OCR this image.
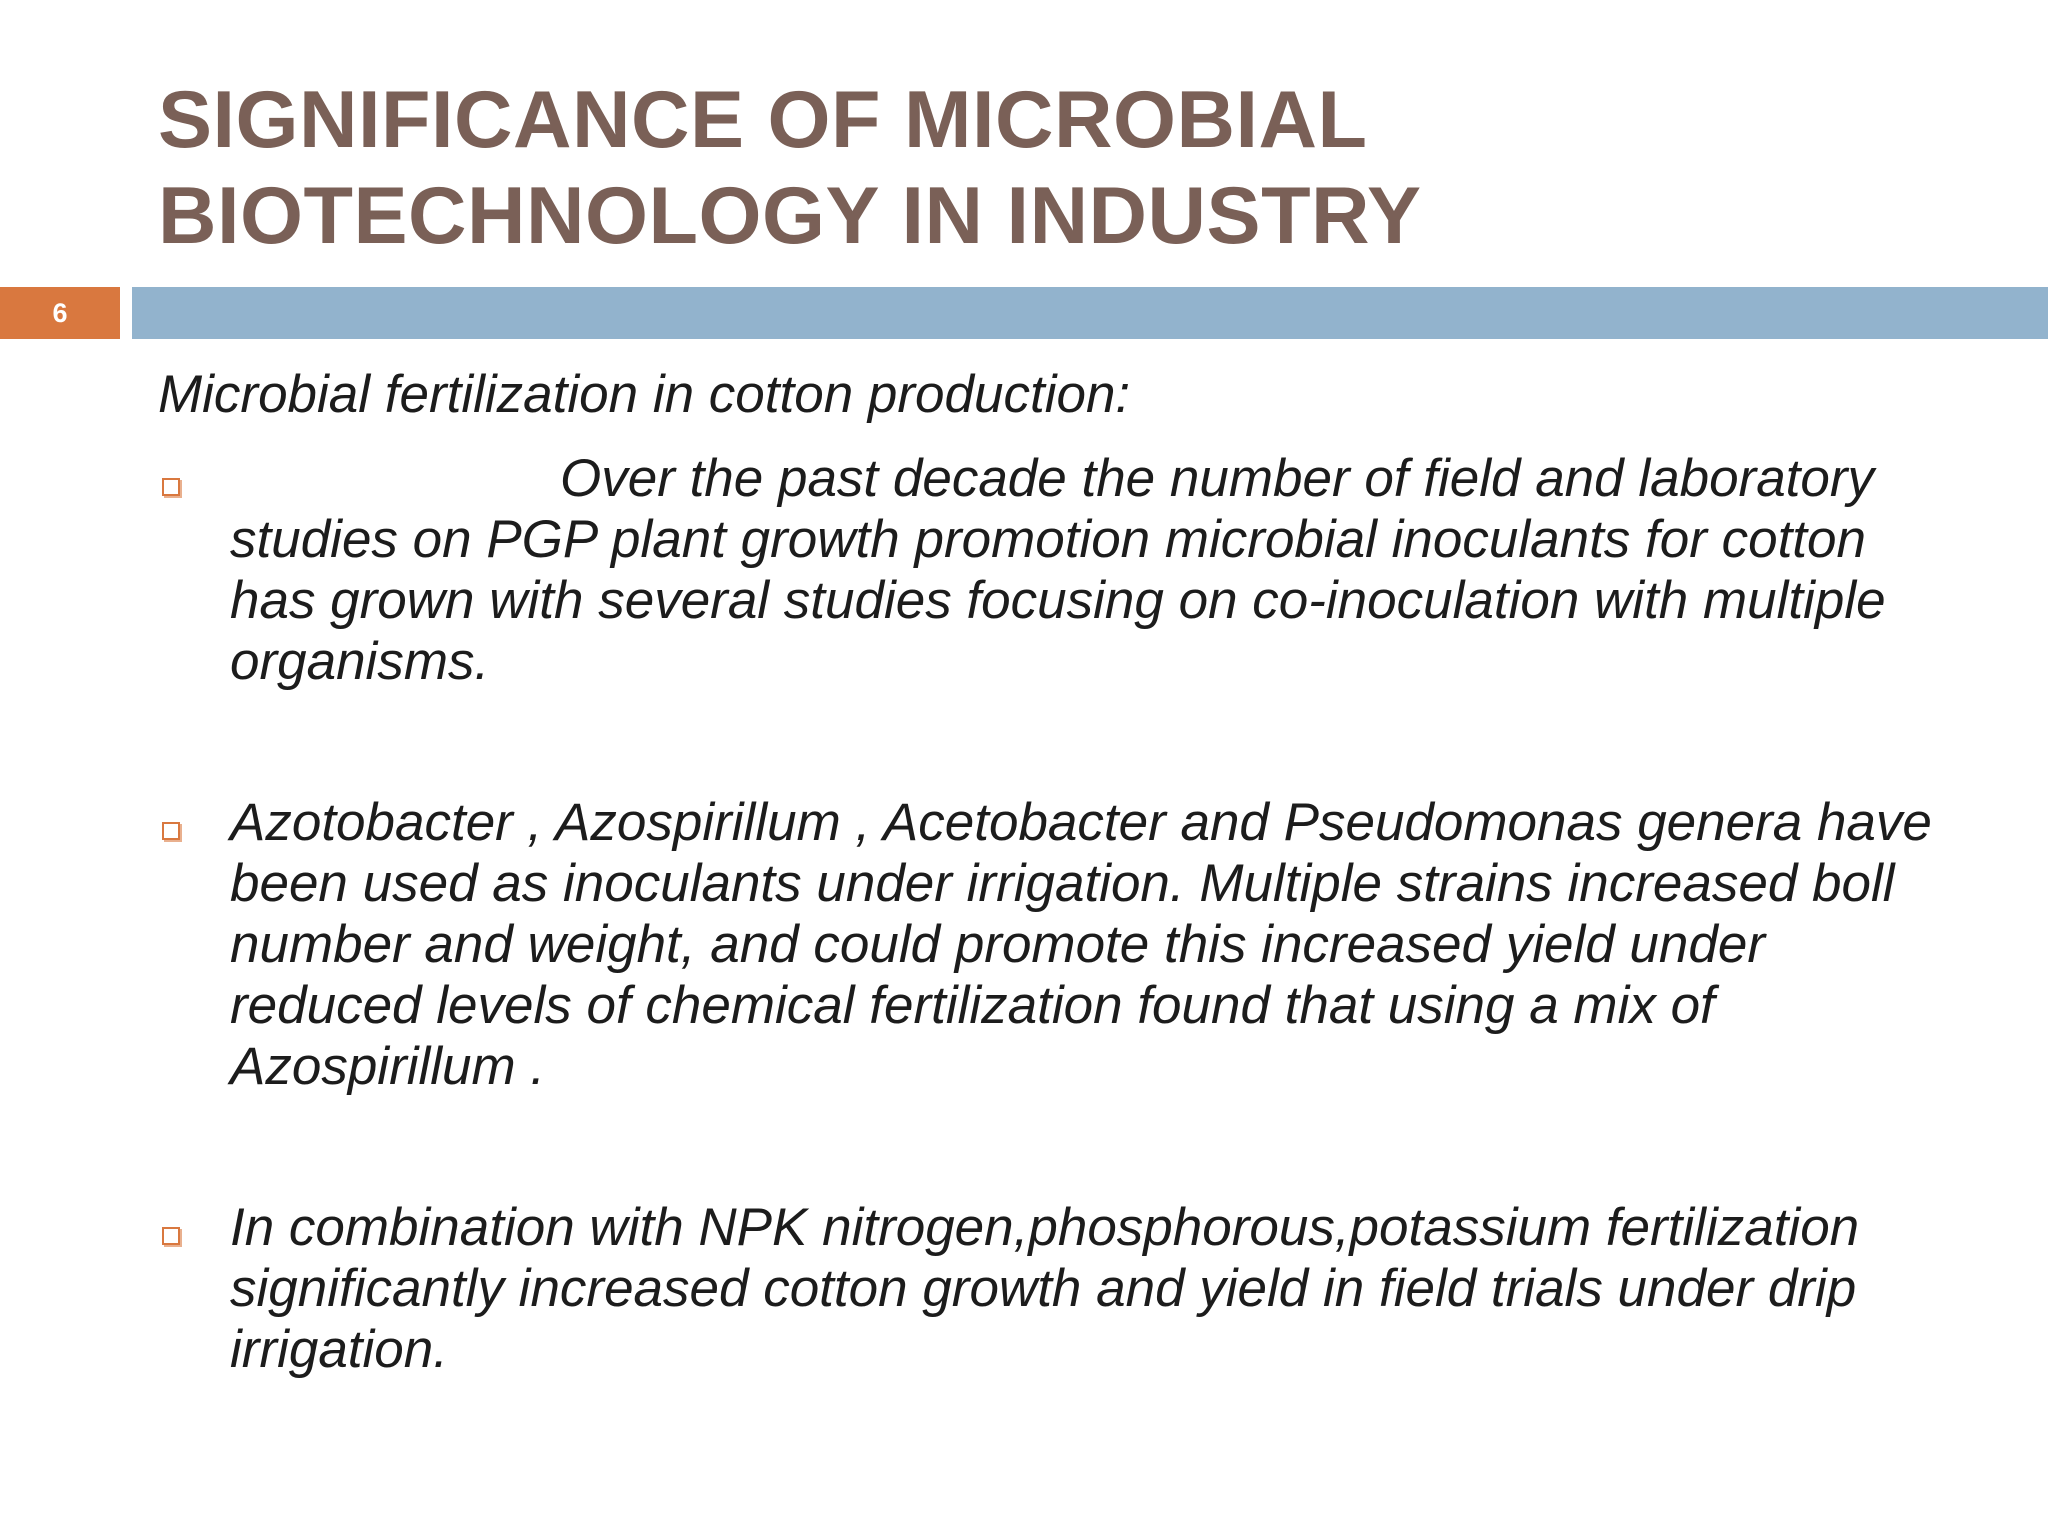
SIGNIFICANCE OF MICROBIAL
BIOTECHNOLOGY IN INDUSTRY
6

Microbial fertilization in cotton production:

Over the past decade the number of field and laboratory studies on PGP plant growth promotion microbial inoculants for cotton has grown with several studies focusing on co-inoculation with multiple organisms.
Azotobacter , Azospirillum , Acetobacter and Pseudomonas genera have been used as inoculants under irrigation. Multiple strains increased boll number and weight, and could promote this increased yield under reduced levels of chemical fertilization found that using a mix of Azospirillum .
In combination with NPK nitrogen,phosphorous,potassium fertilization significantly increased cotton growth and yield in field trials under drip irrigation.
